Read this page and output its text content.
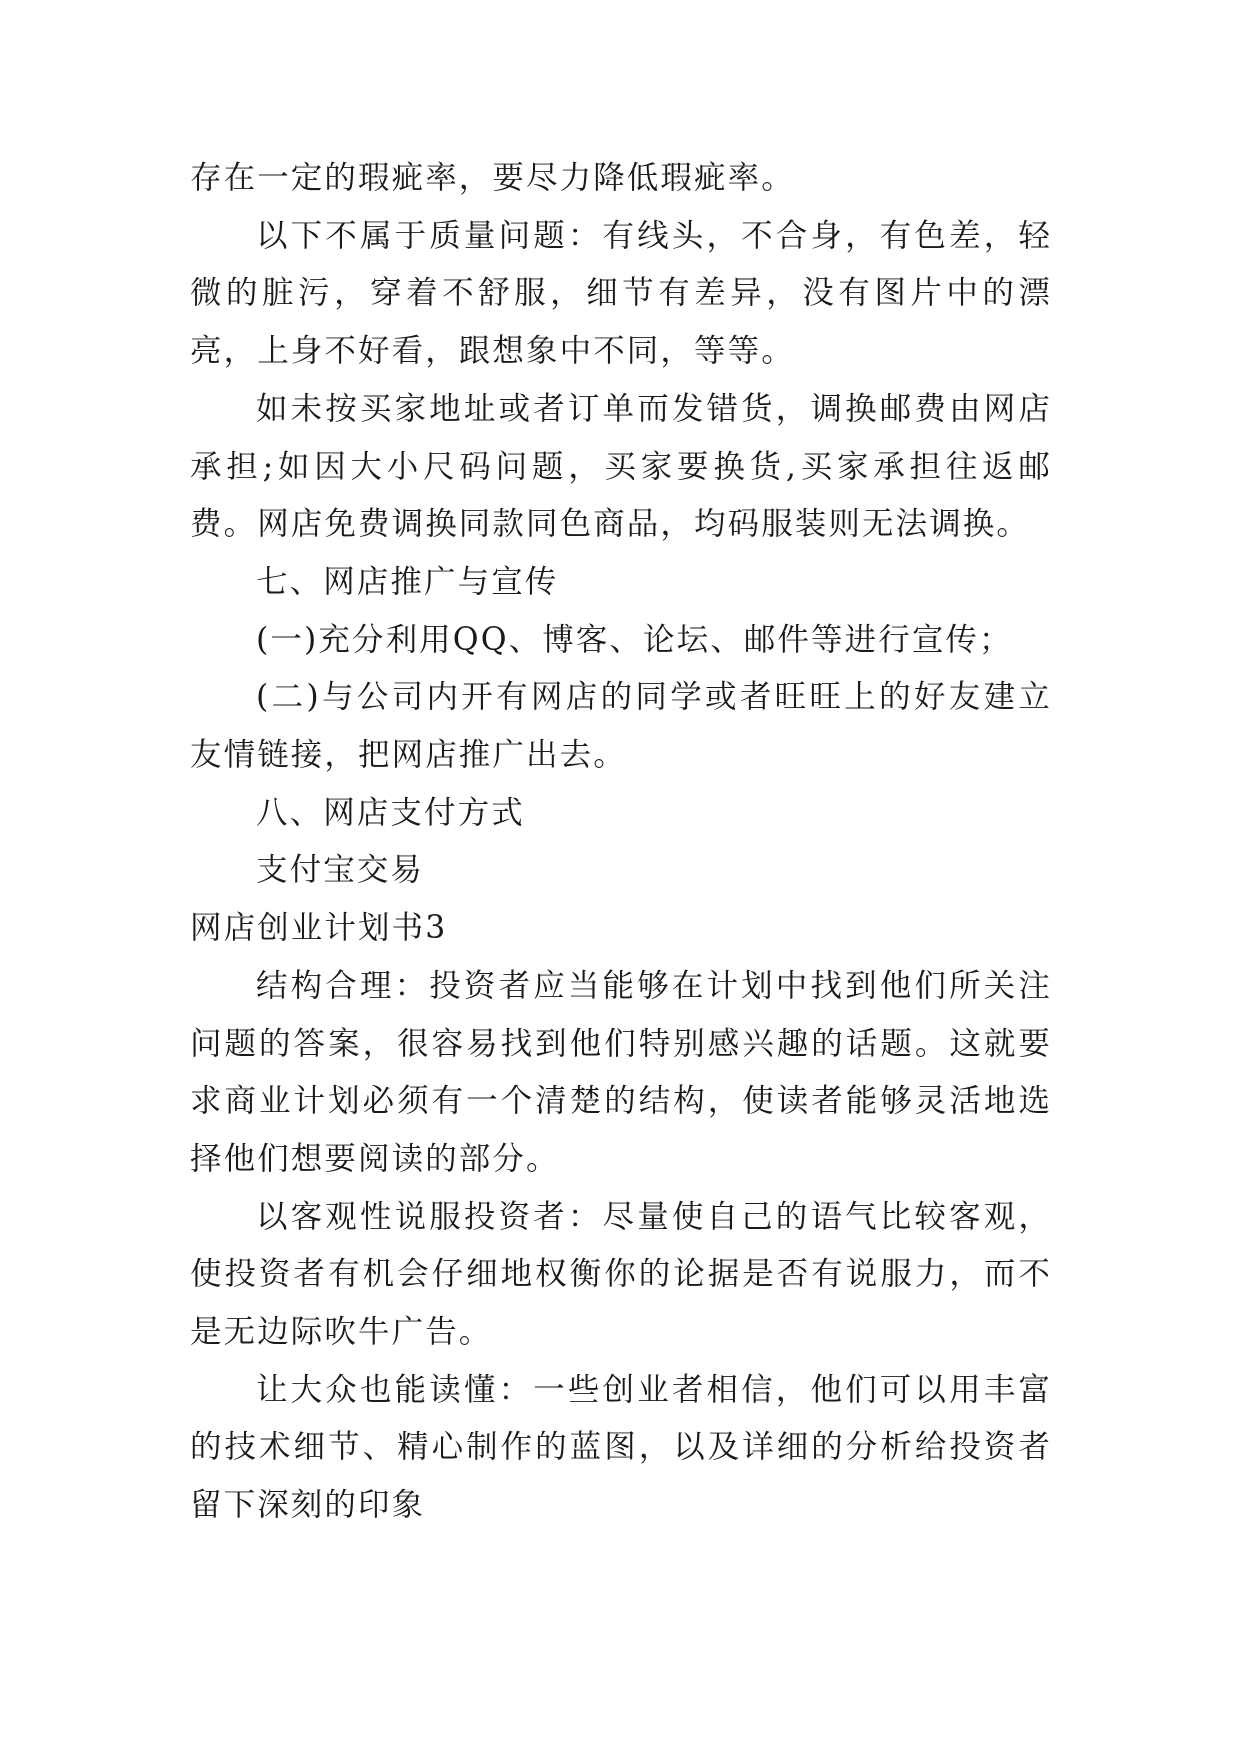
存在一定的瑕疵率，要尽力降低瑕疵率。

以下不属于质量问题：有线头，不合身，有色差，轻微的脏污，穿着不舒服，细节有差异，没有图片中的漂亮，上身不好看，跟想象中不同，等等。

如未按买家地址或者订单而发错货，调换邮费由网店承担;如因大小尺码问题，买家要换货,买家承担往返邮费。网店免费调换同款同色商品，均码服装则无法调换。

七、网店推广与宣传

(一)充分利用QQ、博客、论坛、邮件等进行宣传；

(二)与公司内开有网店的同学或者旺旺上的好友建立友情链接，把网店推广出去。

八、网店支付方式

支付宝交易

网店创业计划书3

结构合理：投资者应当能够在计划中找到他们所关注问题的答案，很容易找到他们特别感兴趣的话题。这就要求商业计划必须有一个清楚的结构，使读者能够灵活地选择他们想要阅读的部分。

以客观性说服投资者：尽量使自己的语气比较客观，使投资者有机会仔细地权衡你的论据是否有说服力，而不是无边际吹牛广告。

让大众也能读懂：一些创业者相信，他们可以用丰富的技术细节、精心制作的蓝图，以及详细的分析给投资者留下深刻的印象
